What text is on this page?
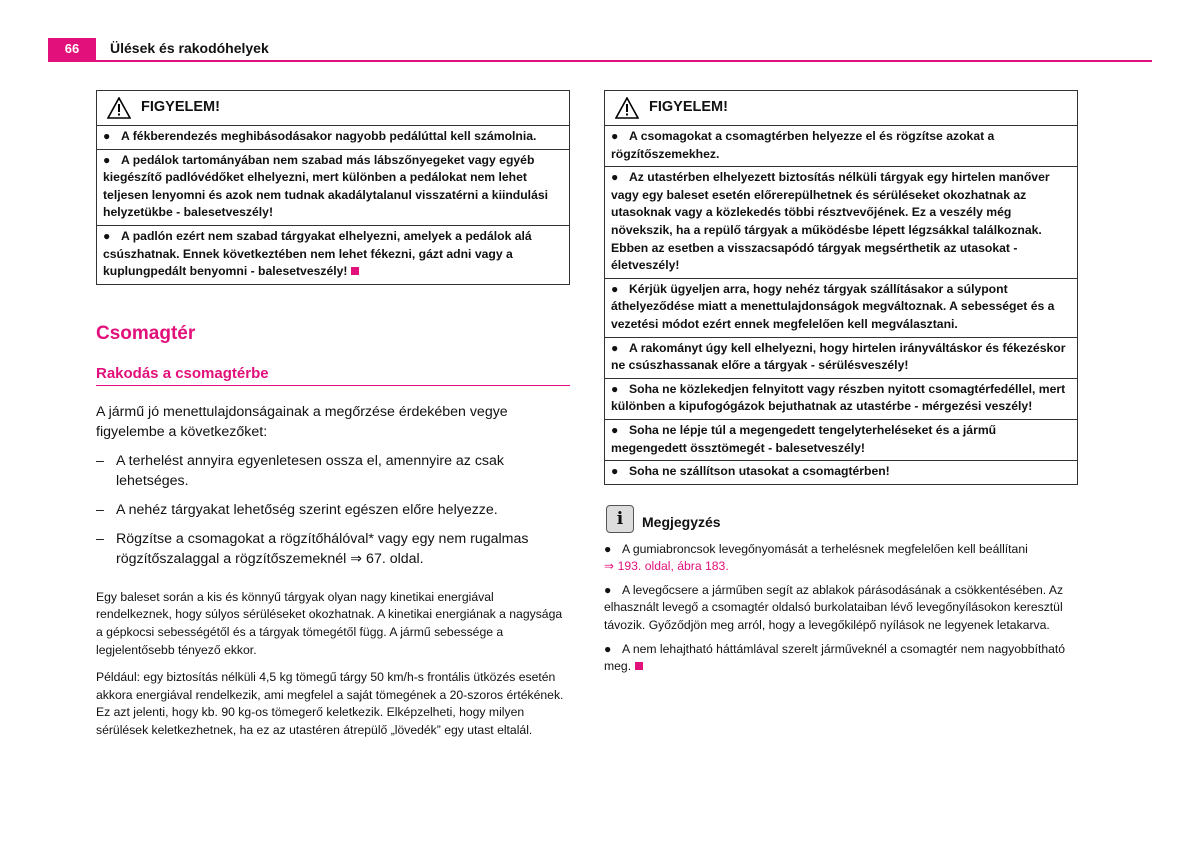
66	Ülések és rakodóhelyek
FIGYELEM!
● A fékberendezés meghibásodásakor nagyobb pedálúttal kell számolnia.
● A pedálok tartományában nem szabad más lábszőnyegeket vagy egyéb kiegészítő padlóvédőket elhelyezni, mert különben a pedálokat nem lehet teljesen lenyomni és azok nem tudnak akadálytalanul visszatérni a kiindulási helyzetükbe - balesetveszély!
● A padlón ezért nem szabad tárgyakat elhelyezni, amelyek a pedálok alá csúszhatnak. Ennek következtében nem lehet fékezni, gázt adni vagy a kuplungpedált benyomni - balesetveszély!
Csomagtér
Rakodás a csomagtérbe
A jármű jó menettulajdonságainak a megőrzése érdekében vegye figyelembe a következőket:
– A terhelést annyira egyenletesen ossza el, amennyire az csak lehetséges.
– A nehéz tárgyakat lehetőség szerint egészen előre helyezze.
– Rögzítse a csomagokat a rögzítőhálóval* vagy egy nem rugalmas rögzítőszalaggal a rögzítőszemeknél ⇒ 67. oldal.
Egy baleset során a kis és könnyű tárgyak olyan nagy kinetikai energiával rendelkeznek, hogy súlyos sérüléseket okozhatnak. A kinetikai energiának a nagysága a gépkocsi sebességétől és a tárgyak tömegétől függ. A jármű sebessége a legjelentősebb tényező ekkor.
Például: egy biztosítás nélküli 4,5 kg tömegű tárgy 50 km/h-s frontális ütközés esetén akkora energiával rendelkezik, ami megfelel a saját tömegének a 20-szoros értékének. Ez azt jelenti, hogy kb. 90 kg-os tömegerő keletkezik. Elképzelheti, hogy milyen sérülések keletkezhetnek, ha ez az utastéren átrepülő „lövedék” egy utast eltalál.
FIGYELEM!
● A csomagokat a csomagtérben helyezze el és rögzítse azokat a rögzítőszemekhez.
● Az utastérben elhelyezett biztosítás nélküli tárgyak egy hirtelen manőver vagy egy baleset esetén előrerepülhetnek és sérüléseket okozhatnak az utasoknak vagy a közlekedés többi résztvevőjének. Ez a veszély még növekszik, ha a repülő tárgyak a működésbe lépett légzsákkal találkoznak. Ebben az esetben a visszacsapódó tárgyak megsérthetik az utasokat - életveszély!
● Kérjük ügyeljen arra, hogy nehéz tárgyak szállításakor a súlypont áthelyeződése miatt a menettulajdonságok megváltoznak. A sebességet és a vezetési módot ezért ennek megfelelően kell megválasztani.
● A rakományt úgy kell elhelyezni, hogy hirtelen irányváltáskor és fékezéskor ne csúszhassanak előre a tárgyak - sérülésveszély!
● Soha ne közlekedjen felnyitott vagy részben nyitott csomagtérfedéllel, mert különben a kipufogógázok bejuthatnak az utastérbe - mérgezési veszély!
● Soha ne lépje túl a megengedett tengelyterheléseket és a jármű megengedett össztömegét - balesetveszély!
● Soha ne szállítson utasokat a csomagtérben!
i	Megjegyzés
● A gumiabroncsok levegőnyomását a terhelésnek megfelelően kell beállítani
⇒ 193. oldal, ábra 183.
● A levegőcsere a járműben segít az ablakok párásodásának a csökkentésében. Az elhasznált levegő a csomagtér oldalsó burkolataiban lévő levegőnyílásokon keresztül távozik. Győződjön meg arról, hogy a levegőkilépő nyílások ne legyenek letakarva.
● A nem lehajtható háttámlával szerelt járműveknél a csomagtér nem nagyobbítható meg.
